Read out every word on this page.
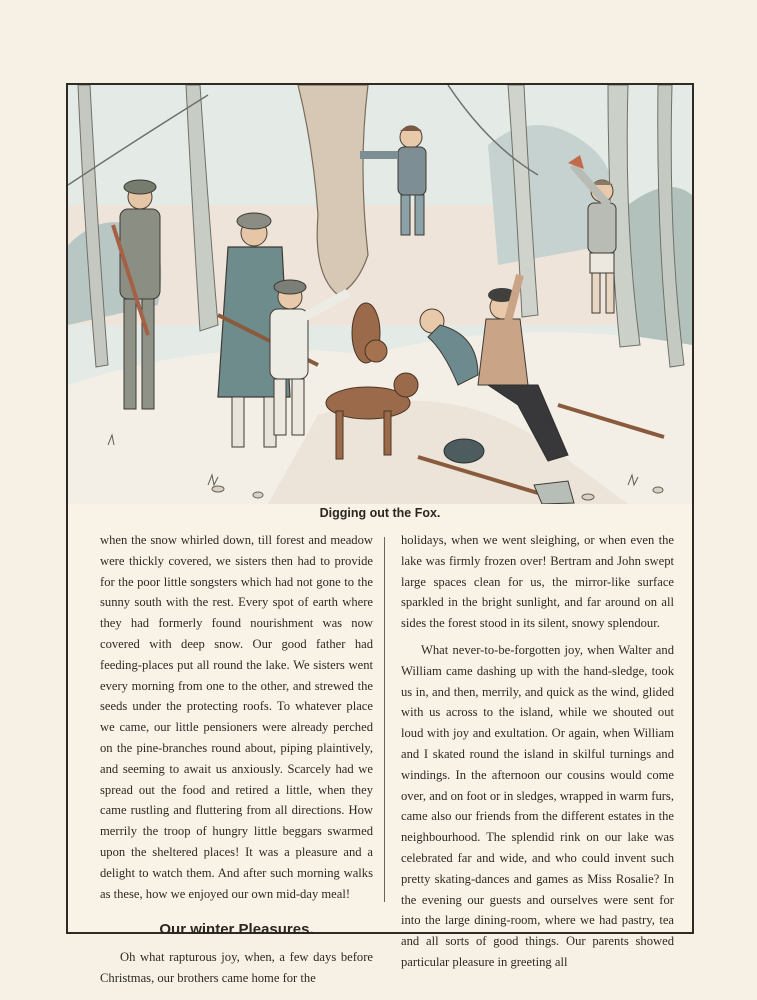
Digging out the Fox.

when the snow whirled down, till forest and meadow were thickly covered, we sisters then had to provide for the poor little songsters which had not gone to the sunny south with the rest. Every spot of earth where they had formerly found nourishment was now covered with deep snow. Our good father had feeding-places put all round the lake. We sisters went every morning from one to the other, and strewed the seeds under the protecting roofs. To whatever place we came, our little pensioners were already perched on the pine-branches round about, piping plaintively, and seeming to await us anxiously. Scarcely had we spread out the food and retired a little, when they came rustling and fluttering from all directions. How merrily the troop of hungry little beggars swarmed upon the sheltered places! It was a pleasure and a delight to watch them. And after such morning walks as these, how we enjoyed our own mid-day meal!

Our winter Pleasures.

Oh what rapturous joy, when, a few days before Christmas, our brothers came home for the

holidays, when we went sleighing, or when even the lake was firmly frozen over! Bertram and John swept large spaces clean for us, the mirror-like surface sparkled in the bright sunlight, and far around on all sides the forest stood in its silent, snowy splendour.

What never-to-be-forgotten joy, when Walter and William came dashing up with the hand-sledge, took us in, and then, merrily, and quick as the wind, glided with us across to the island, while we shouted out loud with joy and exultation. Or again, when William and I skated round the island in skilful turnings and windings. In the afternoon our cousins would come over, and on foot or in sledges, wrapped in warm furs, came also our friends from the different estates in the neighbourhood. The splendid rink on our lake was celebrated far and wide, and who could invent such pretty skating-dances and games as Miss Rosalie? In the evening our guests and ourselves were sent for into the large dining-room, where we had pastry, tea and all sorts of good things. Our parents showed particular pleasure in greeting all
